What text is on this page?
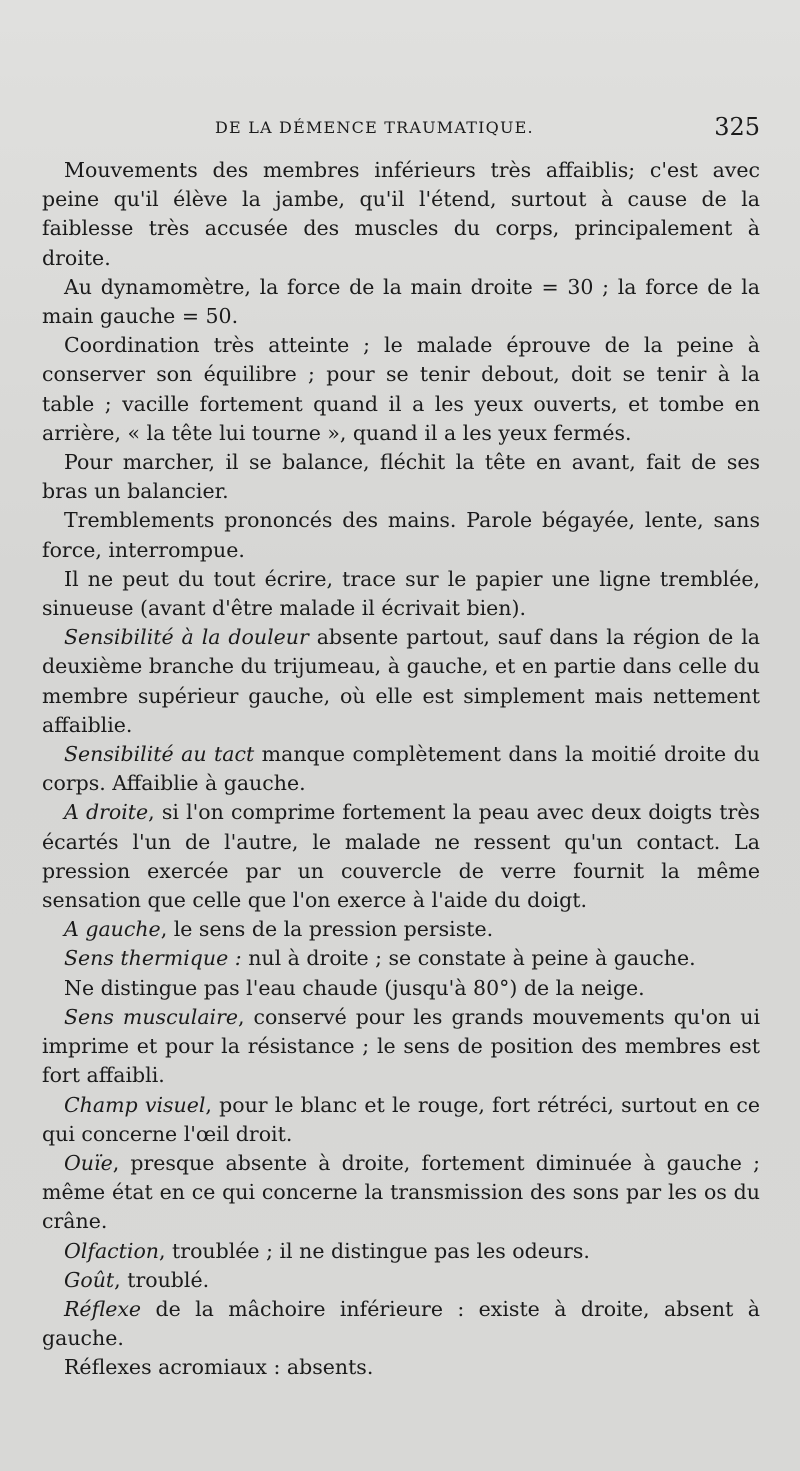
DE LA DÉMENCE TRAUMATIQUE.	325

Mouvements des membres inférieurs très affaiblis; c'est avec peine qu'il élève la jambe, qu'il l'étend, surtout à cause de la faiblesse très accusée des muscles du corps, principalement à droite.

Au dynamomètre, la force de la main droite = 30 ; la force de la main gauche = 50.

Coordination très atteinte ; le malade éprouve de la peine à conserver son équilibre ; pour se tenir debout, doit se tenir à la table ; vacille fortement quand il a les yeux ouverts, et tombe en arrière, « la tête lui tourne », quand il a les yeux fermés.

Pour marcher, il se balance, fléchit la tête en avant, fait de ses bras un balancier.

Tremblements prononcés des mains. Parole bégayée, lente, sans force, interrompue.

Il ne peut du tout écrire, trace sur le papier une ligne tremblée, sinueuse (avant d'être malade il écrivait bien).

Sensibilité à la douleur absente partout, sauf dans la région de la deuxième branche du trijumeau, à gauche, et en partie dans celle du membre supérieur gauche, où elle est simplement mais nettement affaiblie.

Sensibilité au tact manque complètement dans la moitié droite du corps. Affaiblie à gauche.

A droite, si l'on comprime fortement la peau avec deux doigts très écartés l'un de l'autre, le malade ne ressent qu'un contact. La pression exercée par un couvercle de verre fournit la même sensation que celle que l'on exerce à l'aide du doigt.

A gauche, le sens de la pression persiste.

Sens thermique : nul à droite ; se constate à peine à gauche.

Ne distingue pas l'eau chaude (jusqu'à 80°) de la neige.

Sens musculaire, conservé pour les grands mouvements qu'on ui imprime et pour la résistance ; le sens de position des membres est fort affaibli.

Champ visuel, pour le blanc et le rouge, fort rétréci, surtout en ce qui concerne l'œil droit.

Ouïe, presque absente à droite, fortement diminuée à gauche ; même état en ce qui concerne la transmission des sons par les os du crâne.

Olfaction, troublée ; il ne distingue pas les odeurs.

Goût, troublé.

Réflexe de la mâchoire inférieure : existe à droite, absent à gauche.

Réflexes acromiaux : absents.
